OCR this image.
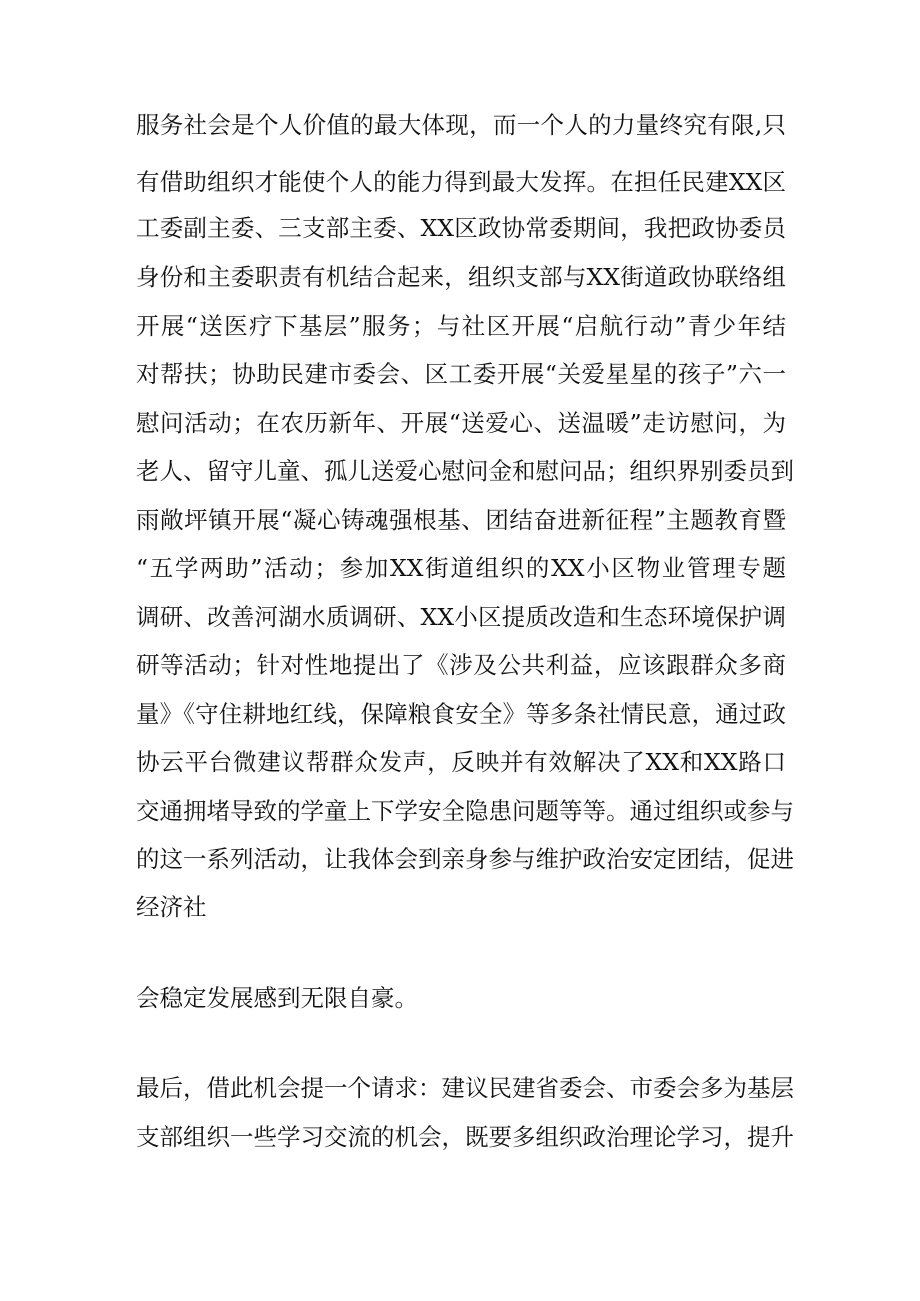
服务社会是个人价值的最大体现，而一个人的力量终究有限,只
有借助组织才能使个人的能力得到最大发挥。在担任民建XX区
工委副主委、三支部主委、XX区政协常委期间，我把政协委员
身份和主委职责有机结合起来，组织支部与XX街道政协联络组
开展“送医疗下基层”服务；与社区开展“启航行动”青少年结
对帮扶；协助民建市委会、区工委开展“关爱星星的孩子”六一
慰问活动；在农历新年、开展“送爱心、送温暖”走访慰问，为
老人、留守儿童、孤儿送爱心慰问金和慰问品；组织界别委员到
雨敞坪镇开展“凝心铸魂强根基、团结奋进新征程”主题教育暨
“五学两助”活动；参加XX街道组织的XX小区物业管理专题
调研、改善河湖水质调研、XX小区提质改造和生态环境保护调
研等活动；针对性地提出了《涉及公共利益，应该跟群众多商
量》《守住耕地红线，保障粮食安全》等多条社情民意，通过政
协云平台微建议帮群众发声，反映并有效解决了XX和XX路口
交通拥堵导致的学童上下学安全隐患问题等等。通过组织或参与
的这一系列活动，让我体会到亲身参与维护政治安定团结，促进
经济社
会稳定发展感到无限自豪。
最后，借此机会提一个请求：建议民建省委会、市委会多为基层
支部组织一些学习交流的机会，既要多组织政治理论学习，提升
